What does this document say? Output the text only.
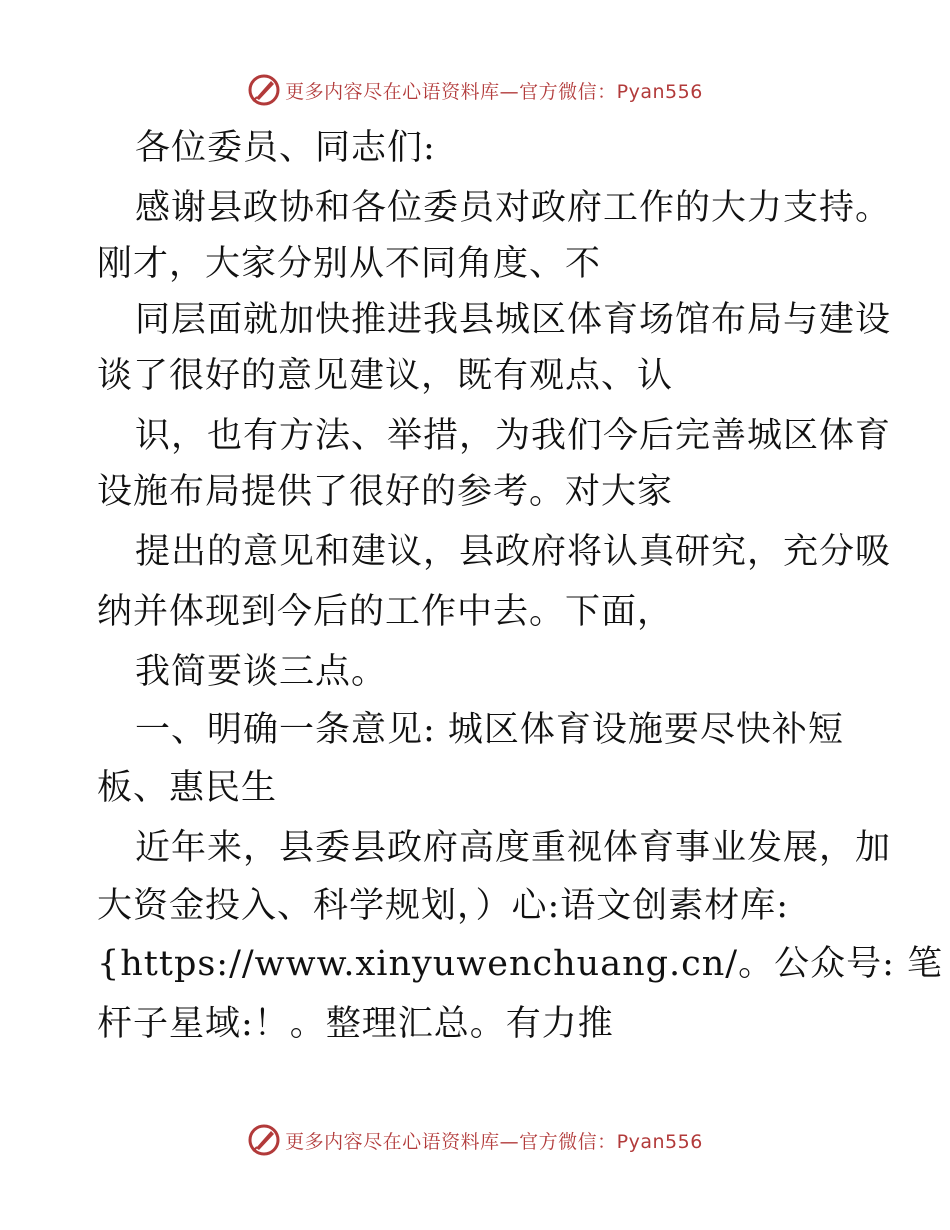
更多内容尽在心语资料库—官方微信：Pyan556
各位委员、同志们:
感谢县政协和各位委员对政府工作的大力支持。
刚才，大家分别从不同角度、不
同层面就加快推进我县城区体育场馆布局与建设
谈了很好的意见建议，既有观点、认
识，也有方法、举措，为我们今后完善城区体育
设施布局提供了很好的参考。对大家
提出的意见和建议，县政府将认真研究，充分吸
纳并体现到今后的工作中去。下面，
我简要谈三点。
一、明确一条意见: 城区体育设施要尽快补短
板、惠民生
近年来，县委县政府高度重视体育事业发展，加
大资金投入、科学规划，）心:语文创素材库:
{https://www.xinyuwenchuang.cn/。公众号: 笔
杆子星域:！。整理汇总。有力推
更多内容尽在心语资料库—官方微信：Pyan556
